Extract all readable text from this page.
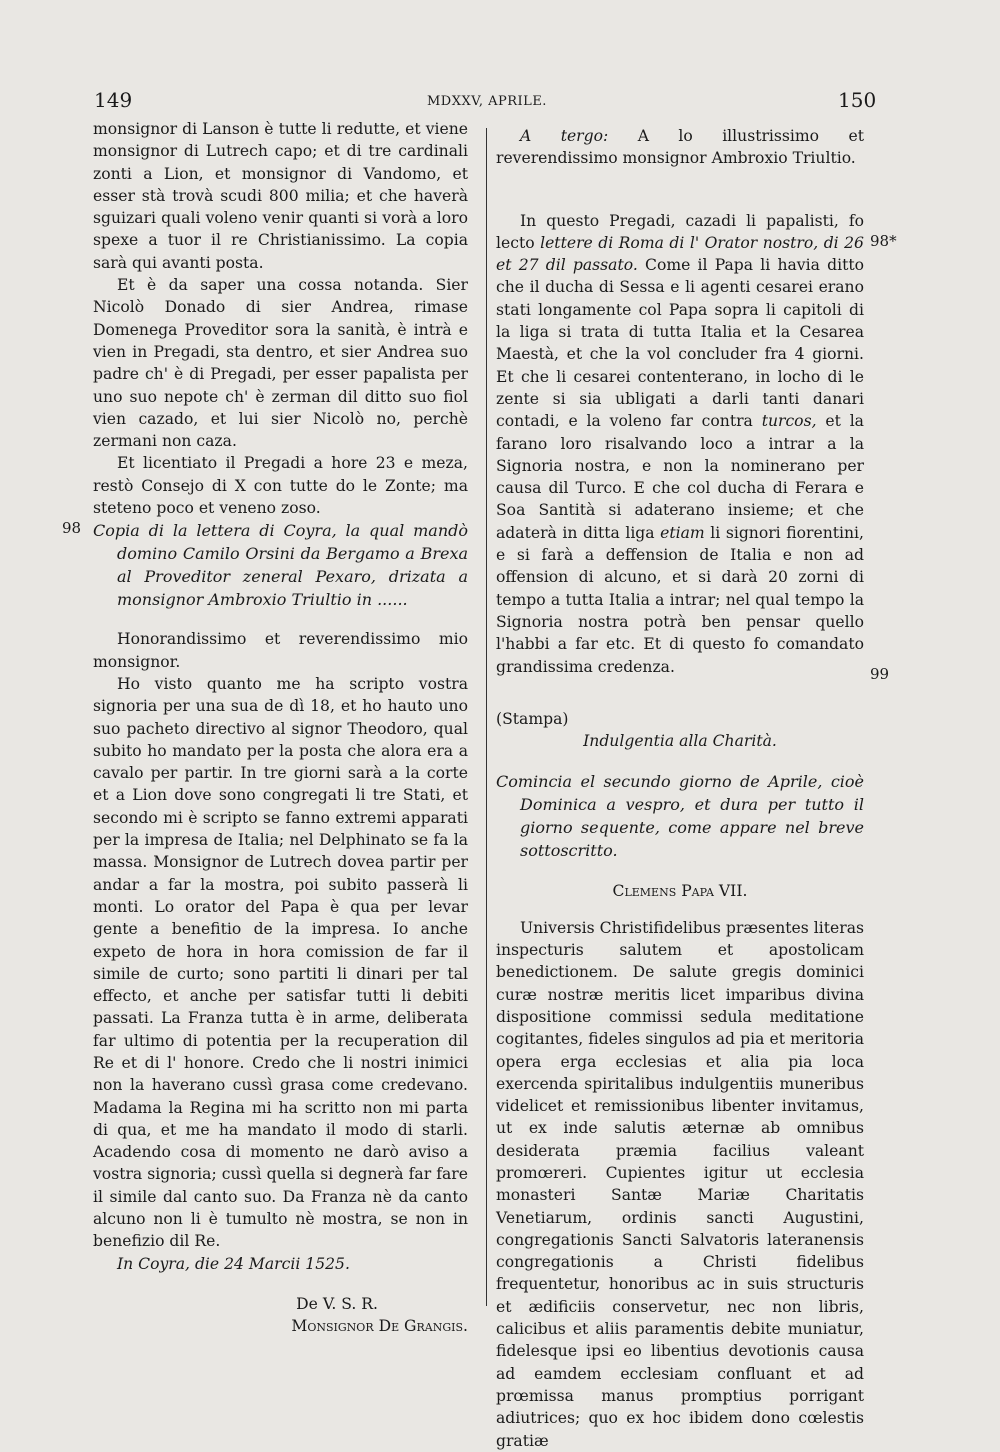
149	MDXXV, APRILE.	150
98
98*
99

monsignor di Lanson è tutte li redutte, et viene monsignor di Lutrech capo; et di tre cardinali zonti a Lion, et monsignor di Vandomo, et esser stà trovà scudi 800 milia; et che haverà sguizari quali voleno venir quanti si vorà a loro spexe a tuor il re Christianissimo. La copia sarà qui avanti posta.

Et è da saper una cossa notanda. Sier Nicolò Donado di sier Andrea, rimase Domenega Proveditor sora la sanità, è intrà e vien in Pregadi, sta dentro, et sier Andrea suo padre ch' è di Pregadi, per esser papalista per uno suo nepote ch' è zerman dil ditto suo fiol vien cazado, et lui sier Nicolò no, perchè zermani non caza.

Et licentiato il Pregadi a hore 23 e meza, restò Consejo di X con tutte do le Zonte; ma steteno poco et veneno zoso.

Copia di la lettera di Coyra, la qual mandò domino Camilo Orsini da Bergamo a Brexa al Proveditor zeneral Pexaro, drizata a monsignor Ambroxio Triultio in ......

Honorandissimo et reverendissimo mio monsignor.

Ho visto quanto me ha scripto vostra signoria per una sua de dì 18, et ho hauto uno suo pacheto directivo al signor Theodoro, qual subito ho mandato per la posta che alora era a cavalo per partir. In tre giorni sarà a la corte et a Lion dove sono congregati li tre Stati, et secondo mi è scripto se fanno extremi apparati per la impresa de Italia; nel Delphinato se fa la massa. Monsignor de Lutrech dovea partir per andar a far la mostra, poi subito passerà li monti. Lo orator del Papa è qua per levar gente a benefitio de la impresa. Io anche expeto de hora in hora comission de far il simile de curto; sono partiti li dinari per tal effecto, et anche per satisfar tutti li debiti passati. La Franza tutta è in arme, deliberata far ultimo di potentia per la recuperation dil Re et di l' honore. Credo che li nostri inimici non la haverano cussì grasa come credevano. Madama la Regina mi ha scritto non mi parta di qua, et me ha mandato il modo di starli. Acadendo cosa di momento ne darò aviso a vostra signoria; cussì quella si degnerà far fare il simile dal canto suo. Da Franza nè da canto alcuno non li è tumulto nè mostra, se non in benefizio dil Re.

In Coyra, die 24 Marcii 1525.

De V. S. R.

Monsignor De Grangis.

A tergo: A lo illustrissimo et reverendissimo monsignor Ambroxio Triultio.

In questo Pregadi, cazadi li papalisti, fo lecto lettere di Roma di l' Orator nostro, di 26 et 27 dil passato. Come il Papa li havia ditto che il ducha di Sessa e li agenti cesarei erano stati longamente col Papa sopra li capitoli di la liga si trata di tutta Italia et la Cesarea Maestà, et che la vol concluder fra 4 giorni. Et che li cesarei contenterano, in locho di le zente si sia ubligati a darli tanti danari contadi, e la voleno far contra turcos, et la farano loro risalvando loco a intrar a la Signoria nostra, e non la nominerano per causa dil Turco. E che col ducha di Ferara e Soa Santità si adaterano insieme; et che adaterà in ditta liga etiam li signori fiorentini, e si farà a deffension de Italia e non ad offension di alcuno, et si darà 20 zorni di tempo a tutta Italia a intrar; nel qual tempo la Signoria nostra potrà ben pensar quello l'habbi a far etc. Et di questo fo comandato grandissima credenza.

(Stampa)

Indulgentia alla Charità.

Comincia el secundo giorno de Aprile, cioè Dominica a vespro, et dura per tutto il giorno sequente, come appare nel breve sottoscritto.

Clemens Papa VII.

Universis Christifidelibus præsentes literas inspecturis salutem et apostolicam benedictionem. De salute gregis dominici curæ nostræ meritis licet imparibus divina dispositione commissi sedula meditatione cogitantes, fideles singulos ad pia et meritoria opera erga ecclesias et alia pia loca exercenda spiritalibus indulgentiis muneribus videlicet et remissionibus libenter invitamus, ut ex inde salutis æternæ ab omnibus desiderata præmia facilius valeant promœreri. Cupientes igitur ut ecclesia monasteri Santæ Mariæ Charitatis Venetiarum, ordinis sancti Augustini, congregationis Sancti Salvatoris lateranensis congregationis a Christi fidelibus frequentetur, honoribus ac in suis structuris et ædificiis conservetur, nec non libris, calicibus et aliis paramentis debite muniatur, fidelesque ipsi eo libentius devotionis causa ad eamdem ecclesiam confluant et ad prœmissa manus promptius porrigant adiutrices; quo ex hoc ibidem dono cœlestis gratiæ
